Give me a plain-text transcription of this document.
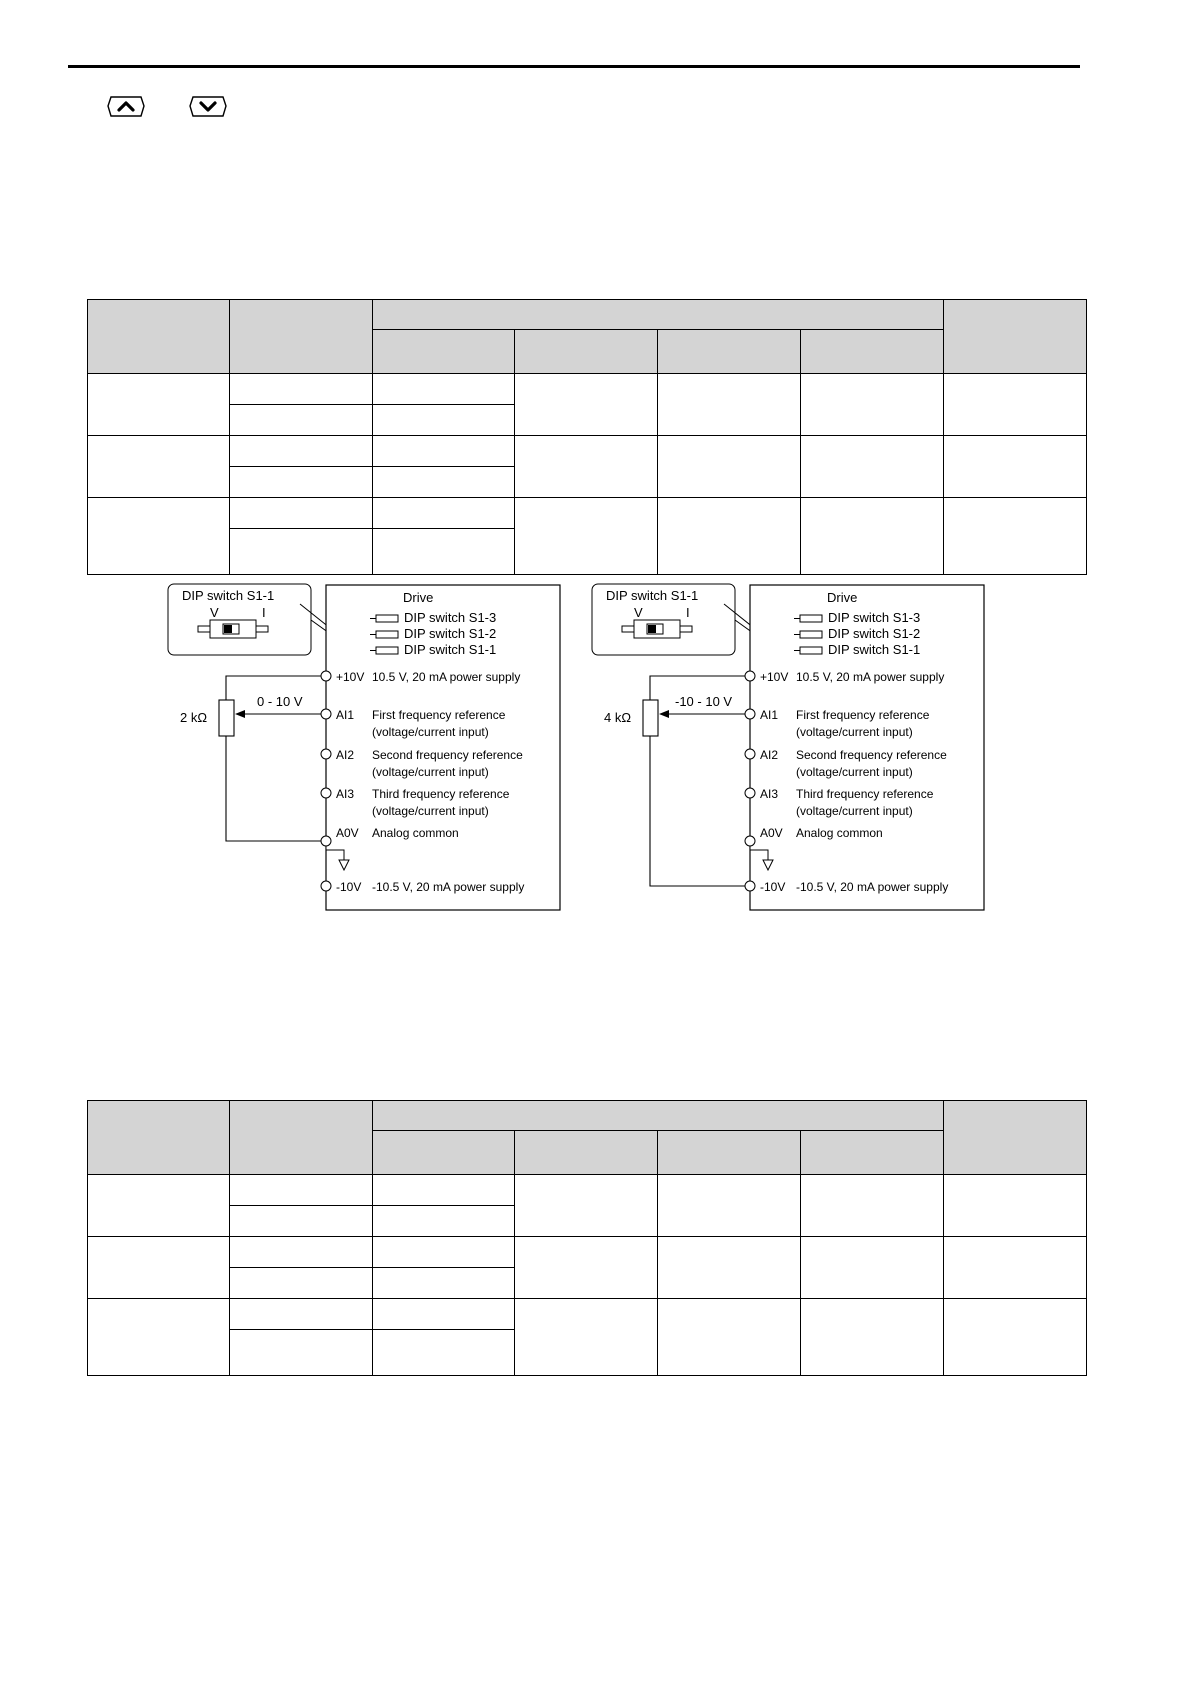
DIP switch S1-1
V	I
Drive
DIP switch S1-3
DIP switch S1-2
DIP switch S1-1
+10V 10.5 V, 20 mA power supply
AI1 First frequency reference
(voltage/current input)
AI2 Second frequency reference
(voltage/current input)
AI3 Third frequency reference
(voltage/current input)
A0V Analog common
-10V -10.5 V, 20 mA power supply
2 kΩ
0 - 10 V
DIP switch S1-1
V	I
Drive
DIP switch S1-3
DIP switch S1-2
DIP switch S1-1
+10V 10.5 V, 20 mA power supply
AI1 First frequency reference
(voltage/current input)
AI2 Second frequency reference
(voltage/current input)
AI3 Third frequency reference
(voltage/current input)
A0V Analog common
-10V -10.5 V, 20 mA power supply
4 kΩ
-10 - 10 V
